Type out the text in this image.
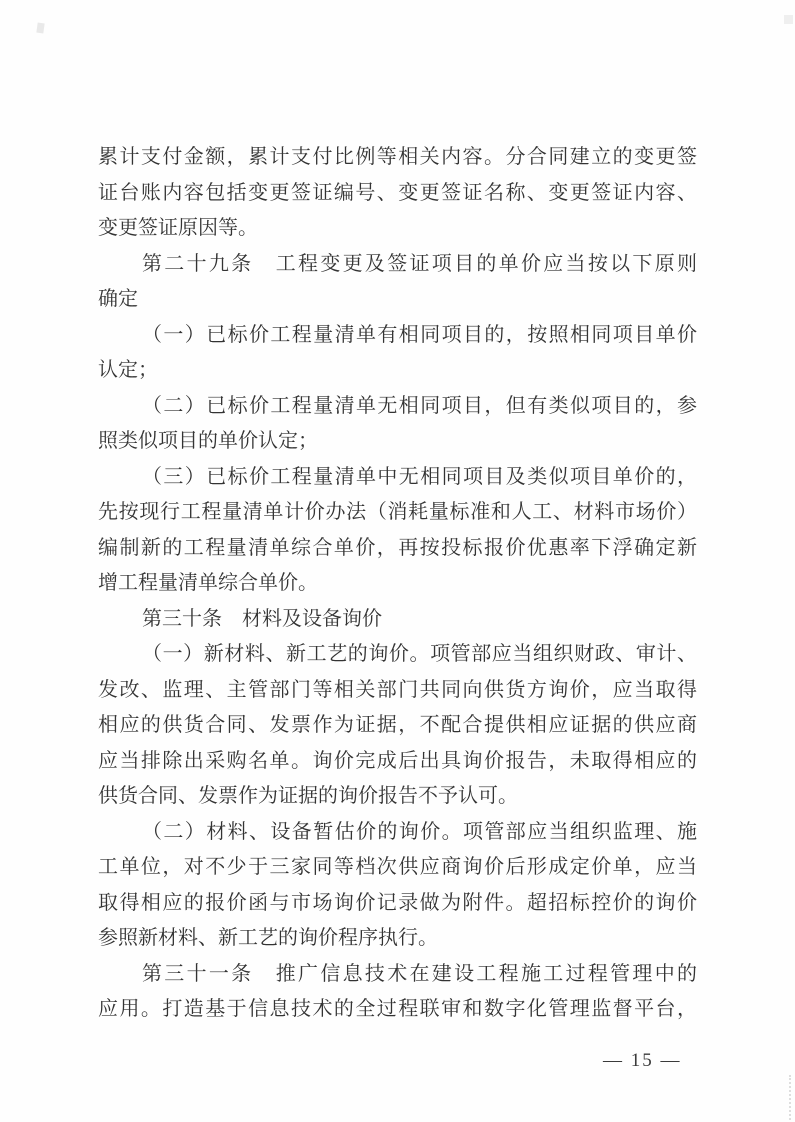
累计支付金额，累计支付比例等相关内容。分合同建立的变更签
证台账内容包括变更签证编号、变更签证名称、变更签证内容、
变更签证原因等。
第二十九条　工程变更及签证项目的单价应当按以下原则
确定
（一）已标价工程量清单有相同项目的，按照相同项目单价
认定；
（二）已标价工程量清单无相同项目，但有类似项目的，参
照类似项目的单价认定；
（三）已标价工程量清单中无相同项目及类似项目单价的，
先按现行工程量清单计价办法（消耗量标准和人工、材料市场价）
编制新的工程量清单综合单价，再按投标报价优惠率下浮确定新
增工程量清单综合单价。
第三十条　材料及设备询价
（一）新材料、新工艺的询价。项管部应当组织财政、审计、
发改、监理、主管部门等相关部门共同向供货方询价，应当取得
相应的供货合同、发票作为证据，不配合提供相应证据的供应商
应当排除出采购名单。询价完成后出具询价报告，未取得相应的
供货合同、发票作为证据的询价报告不予认可。
（二）材料、设备暂估价的询价。项管部应当组织监理、施
工单位，对不少于三家同等档次供应商询价后形成定价单，应当
取得相应的报价函与市场询价记录做为附件。超招标控价的询价
参照新材料、新工艺的询价程序执行。
第三十一条　推广信息技术在建设工程施工过程管理中的
应用。打造基于信息技术的全过程联审和数字化管理监督平台，
— 15 —
